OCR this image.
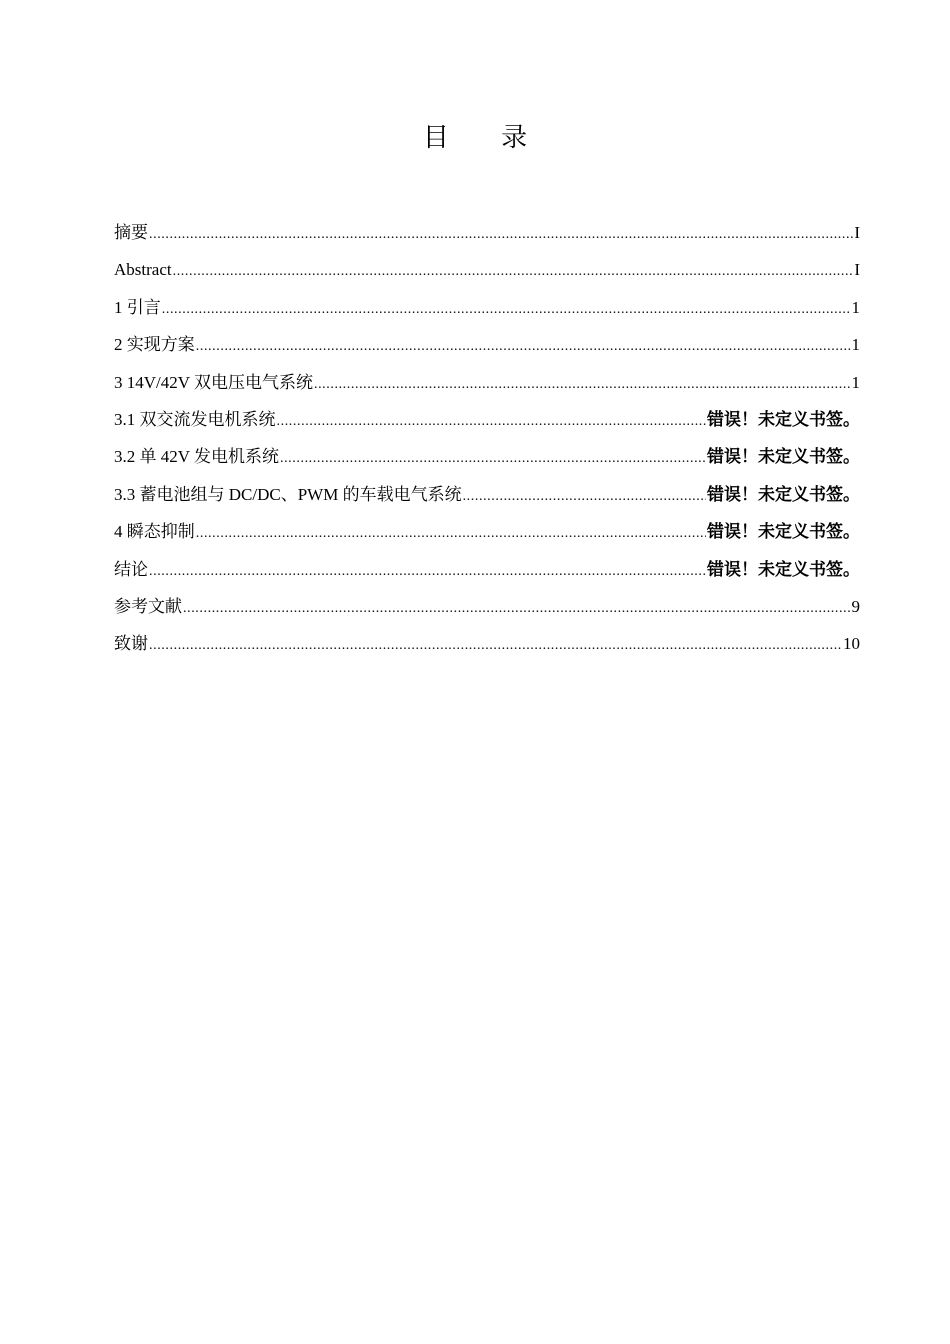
目 录
摘要 .....	I
Abstract .....	I
1 引言 .....	1
2 实现方案 .....	1
3 14V/42V 双电压电气系统 .....	1
3.1 双交流发电机系统 .....	错误！未定义书签。
3.2 单 42V 发电机系统 .....	错误！未定义书签。
3.3 蓄电池组与 DC/DC、PWM 的车载电气系统 .....	错误！未定义书签。
4 瞬态抑制 .....	错误！未定义书签。
结论 .....	错误！未定义书签。
参考文献 .....	9
致谢 .....	10
